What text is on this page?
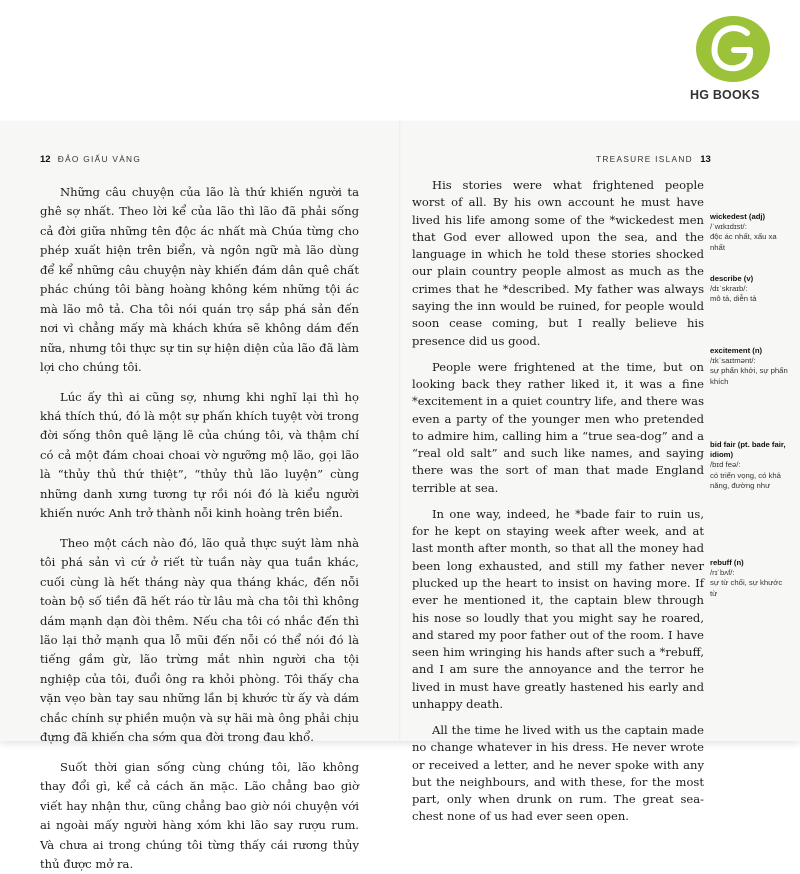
HG BOOKS
12 ĐẢO GIẤU VÀNG	TREASURE ISLAND 13

Những câu chuyện của lão là thứ khiến người ta ghê sợ nhất. Theo lời kể của lão thì lão đã phải sống cả đời giữa những tên độc ác nhất mà Chúa từng cho phép xuất hiện trên biển, và ngôn ngữ mà lão dùng để kể những câu chuyện này khiến đám dân quê chất phác chúng tôi bàng hoàng không kém những tội ác mà lão mô tả. Cha tôi nói quán trọ sắp phá sản đến nơi vì chẳng mấy mà khách khứa sẽ không dám đến nữa, nhưng tôi thực sự tin sự hiện diện của lão đã làm lợi cho chúng tôi.

Lúc ấy thì ai cũng sợ, nhưng khi nghĩ lại thì họ khá thích thú, đó là một sự phấn khích tuyệt vời trong đời sống thôn quê lặng lẽ của chúng tôi, và thậm chí có cả một đám choai choai vờ ngưỡng mộ lão, gọi lão là “thủy thủ thứ thiệt”, “thủy thủ lão luyện” cùng những danh xưng tương tự rồi nói đó là kiểu người khiến nước Anh trở thành nỗi kinh hoàng trên biển.

Theo một cách nào đó, lão quả thực suýt làm nhà tôi phá sản vì cứ ở riết từ tuần này qua tuần khác, cuối cùng là hết tháng này qua tháng khác, đến nỗi toàn bộ số tiền đã hết ráo từ lâu mà cha tôi thì không dám mạnh dạn đòi thêm. Nếu cha tôi có nhắc đến thì lão lại thở mạnh qua lỗ mũi đến nỗi có thể nói đó là tiếng gầm gừ, lão trừng mắt nhìn người cha tội nghiệp của tôi, đuổi ông ra khỏi phòng. Tôi thấy cha vặn vẹo bàn tay sau những lần bị khước từ ấy và dám chắc chính sự phiền muộn và sự hãi mà ông phải chịu đựng đã khiến cha sớm qua đời trong đau khổ.

Suốt thời gian sống cùng chúng tôi, lão không thay đổi gì, kể cả cách ăn mặc. Lão chẳng bao giờ viết hay nhận thư, cũng chẳng bao giờ nói chuyện với ai ngoài mấy người hàng xóm khi lão say rượu rum. Và chưa ai trong chúng tôi từng thấy cái rương thủy thủ được mở ra.

His stories were what frightened people worst of all. By his own account he must have lived his life among some of the *wickedest men that God ever allowed upon the sea, and the language in which he told these stories shocked our plain country people almost as much as the crimes that he *described. My father was always saying the inn would be ruined, for people would soon cease coming, but I really believe his presence did us good.

People were frightened at the time, but on looking back they rather liked it, it was a fine *excitement in a quiet country life, and there was even a party of the younger men who pretended to admire him, calling him a “true sea-dog” and a “real old salt” and such like names, and saying there was the sort of man that made England terrible at sea.

In one way, indeed, he *bade fair to ruin us, for he kept on staying week after week, and at last month after month, so that all the money had been long exhausted, and still my father never plucked up the heart to insist on having more. If ever he mentioned it, the captain blew through his nose so loudly that you might say he roared, and stared my poor father out of the room. I have seen him wringing his hands after such a *rebuff, and I am sure the annoyance and the terror he lived in must have greatly hastened his early and unhappy death.

All the time he lived with us the captain made no change whatever in his dress. He never wrote or received a letter, and he never spoke with any but the neighbours, and with these, for the most part, only when drunk on rum. The great sea-chest none of us had ever seen open.

wickedest (adj)
/ˈwɪkɪdɪst/:
độc ác nhất, xấu xa nhất
describe (v)
/dɪˈskraɪb/:
mô tả, diễn tả
excitement (n)
/ɪkˈsaɪtmənt/:
sự phấn khởi, sự phấn khích
bid fair (pt. bade fair, idiom)
/bɪd feə/:
có triển vọng, có khả năng, đường như
rebuff (n)
/rɪˈbʌf/:
sự từ chối, sự khước từ
